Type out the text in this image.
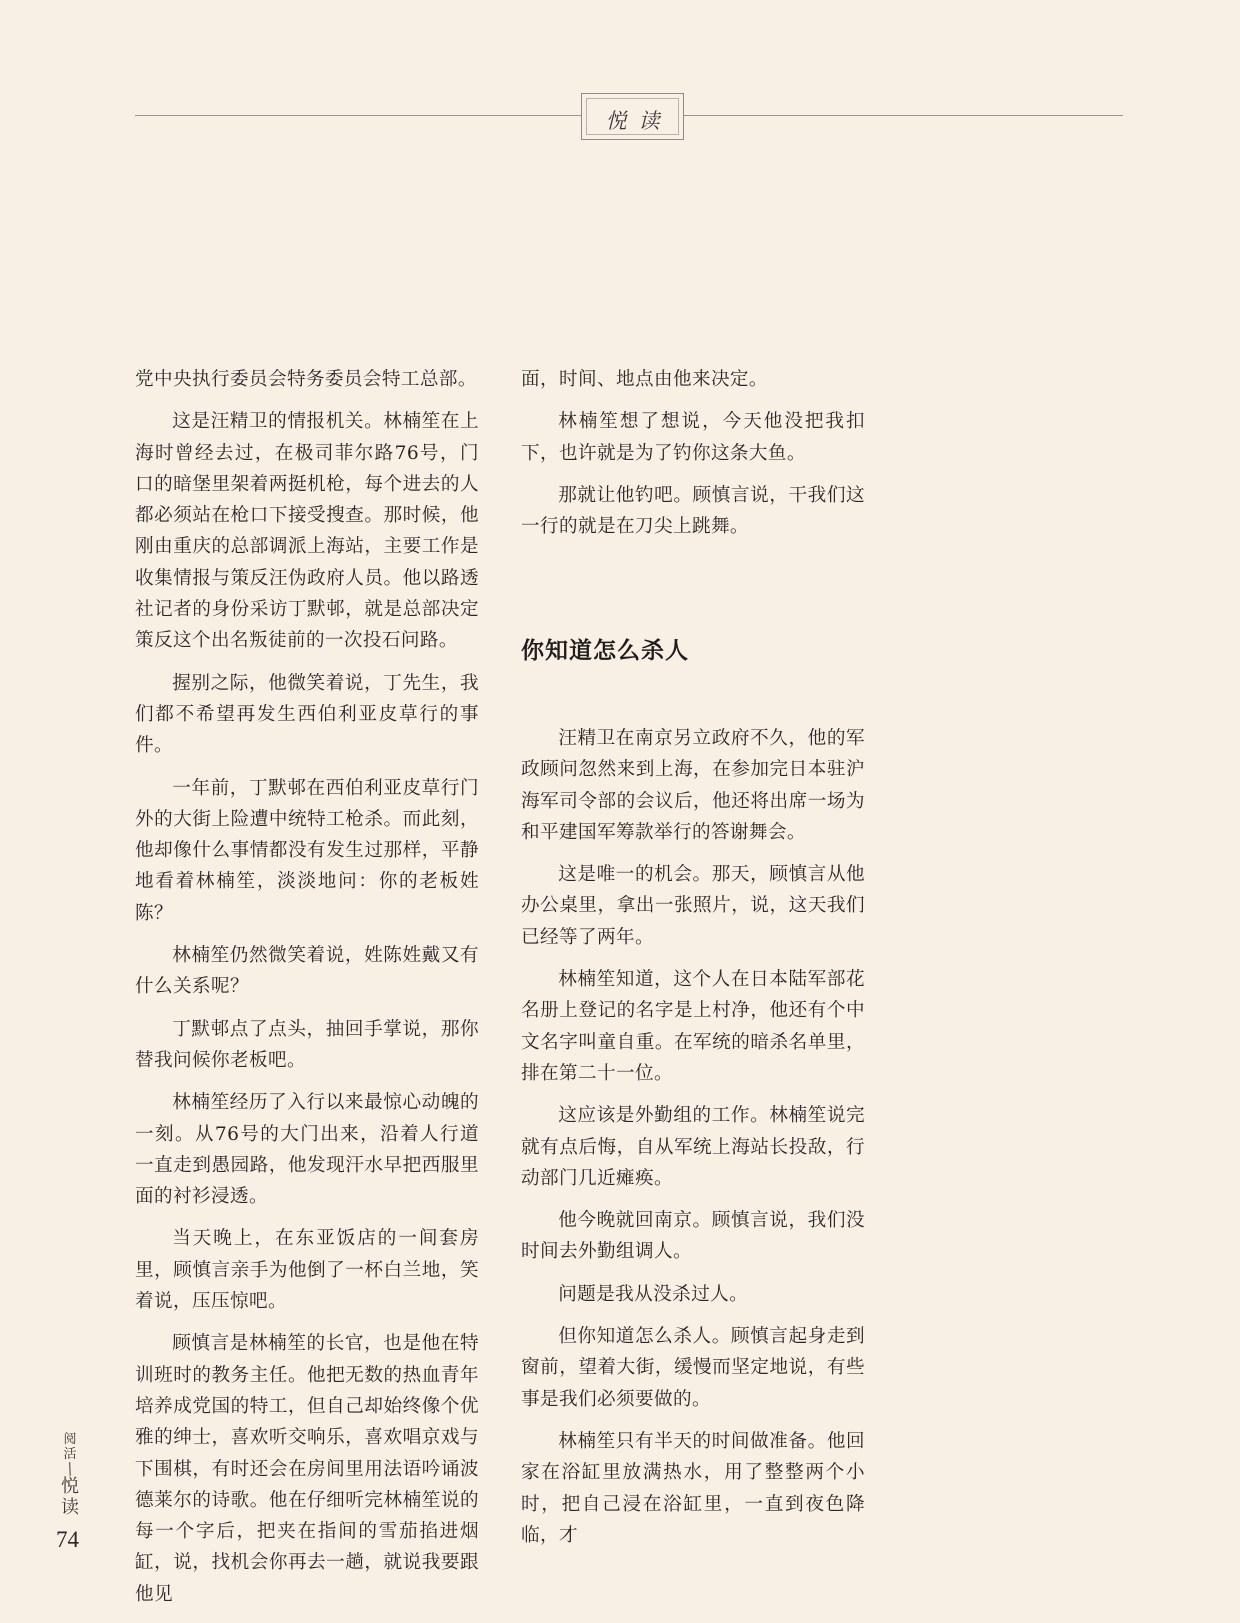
悦读

党中央执行委员会特务委员会特工总部。

这是汪精卫的情报机关。林楠笙在上海时曾经去过，在极司菲尔路76号，门口的暗堡里架着两挺机枪，每个进去的人都必须站在枪口下接受搜查。那时候，他刚由重庆的总部调派上海站，主要工作是收集情报与策反汪伪政府人员。他以路透社记者的身份采访丁默邨，就是总部决定策反这个出名叛徒前的一次投石问路。

握别之际，他微笑着说，丁先生，我们都不希望再发生西伯利亚皮草行的事件。

一年前，丁默邨在西伯利亚皮草行门外的大街上险遭中统特工枪杀。而此刻，他却像什么事情都没有发生过那样，平静地看着林楠笙，淡淡地问：你的老板姓陈？

林楠笙仍然微笑着说，姓陈姓戴又有什么关系呢？

丁默邨点了点头，抽回手掌说，那你替我问候你老板吧。

林楠笙经历了入行以来最惊心动魄的一刻。从76号的大门出来，沿着人行道一直走到愚园路，他发现汗水早把西服里面的衬衫浸透。

当天晚上，在东亚饭店的一间套房里，顾慎言亲手为他倒了一杯白兰地，笑着说，压压惊吧。

顾慎言是林楠笙的长官，也是他在特训班时的教务主任。他把无数的热血青年培养成党国的特工，但自己却始终像个优雅的绅士，喜欢听交响乐，喜欢唱京戏与下围棋，有时还会在房间里用法语吟诵波德莱尔的诗歌。他在仔细听完林楠笙说的每一个字后，把夹在指间的雪茄掐进烟缸，说，找机会你再去一趟，就说我要跟他见

面，时间、地点由他来决定。

林楠笙想了想说，今天他没把我扣下，也许就是为了钓你这条大鱼。

那就让他钓吧。顾慎言说，干我们这一行的就是在刀尖上跳舞。

你知道怎么杀人

汪精卫在南京另立政府不久，他的军政顾问忽然来到上海，在参加完日本驻沪海军司令部的会议后，他还将出席一场为和平建国军筹款举行的答谢舞会。

这是唯一的机会。那天，顾慎言从他办公桌里，拿出一张照片，说，这天我们已经等了两年。

林楠笙知道，这个人在日本陆军部花名册上登记的名字是上村净，他还有个中文名字叫童自重。在军统的暗杀名单里，排在第二十一位。

这应该是外勤组的工作。林楠笙说完就有点后悔，自从军统上海站长投敌，行动部门几近瘫痪。

他今晚就回南京。顾慎言说，我们没时间去外勤组调人。

问题是我从没杀过人。

但你知道怎么杀人。顾慎言起身走到窗前，望着大街，缓慢而坚定地说，有些事是我们必须要做的。

林楠笙只有半天的时间做准备。他回家在浴缸里放满热水，用了整整两个小时，把自己浸在浴缸里，一直到夜色降临，才

阅活
/
悦读
74
